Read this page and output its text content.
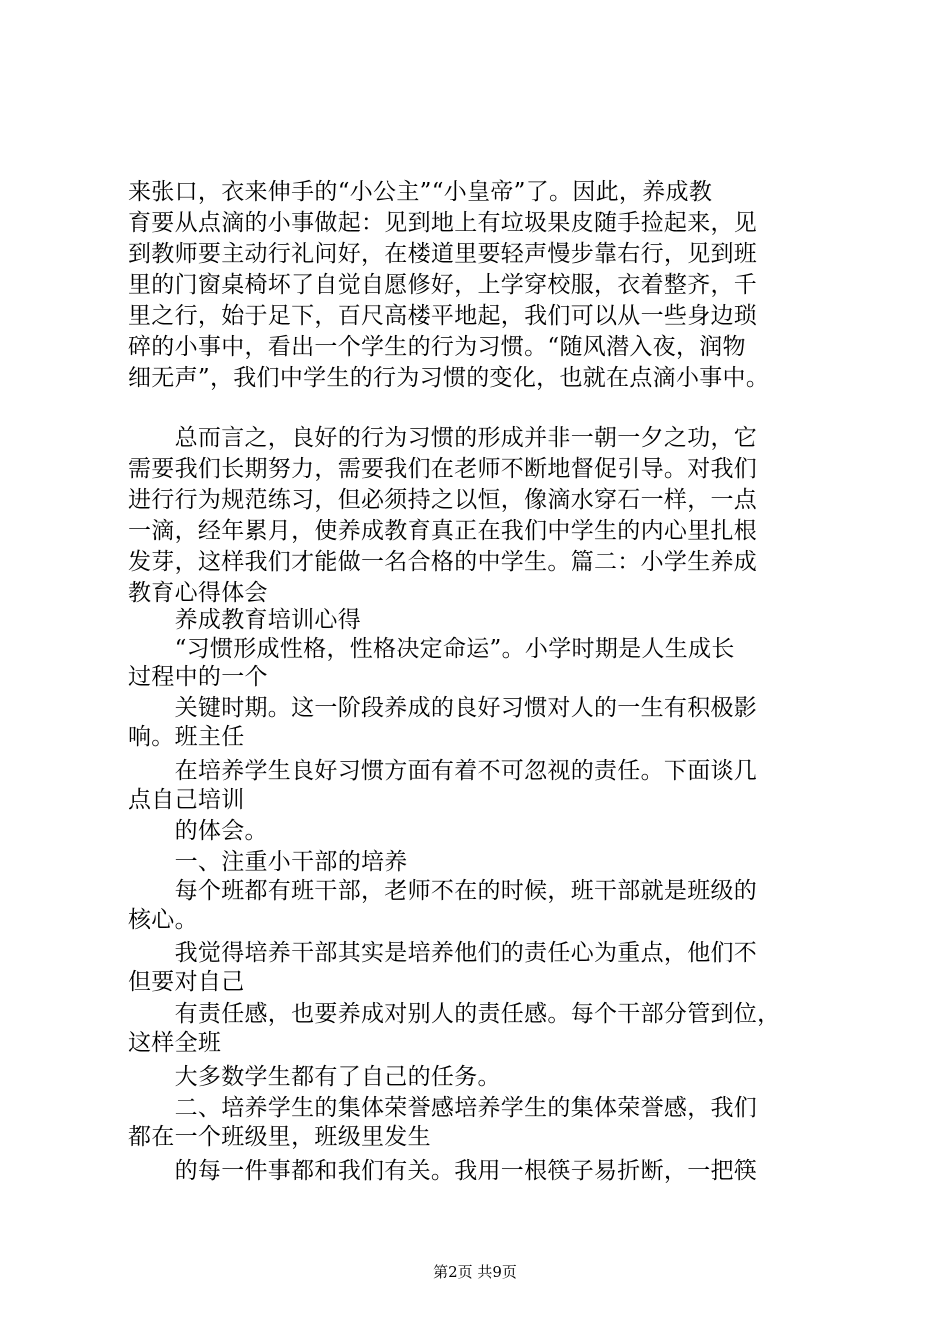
来张口，衣来伸手的“小公主”“小皇帝”了。因此，养成教
育要从点滴的小事做起：见到地上有垃圾果皮随手捡起来，见
到教师要主动行礼问好，在楼道里要轻声慢步靠右行，见到班
里的门窗桌椅坏了自觉自愿修好，上学穿校服，衣着整齐，千
里之行，始于足下，百尺高楼平地起，我们可以从一些身边琐
碎的小事中，看出一个学生的行为习惯。“随风潜入夜，润物
细无声”，我们中学生的行为习惯的变化，也就在点滴小事中。
　　总而言之，良好的行为习惯的形成并非一朝一夕之功，它
需要我们长期努力，需要我们在老师不断地督促引导。对我们
进行行为规范练习，但必须持之以恒，像滴水穿石一样，一点
一滴，经年累月，使养成教育真正在我们中学生的内心里扎根
发芽，这样我们才能做一名合格的中学生。篇二：小学生养成
教育心得体会
　　养成教育培训心得
　　“习惯形成性格，性格决定命运”。小学时期是人生成长
过程中的一个
　　关键时期。这一阶段养成的良好习惯对人的一生有积极影
响。班主任
　　在培养学生良好习惯方面有着不可忽视的责任。下面谈几
点自己培训
　　的体会。
　　一、注重小干部的培养
　　每个班都有班干部，老师不在的时候，班干部就是班级的
核心。
　　我觉得培养干部其实是培养他们的责任心为重点，他们不
但要对自己
　　有责任感，也要养成对别人的责任感。每个干部分管到位，
这样全班
　　大多数学生都有了自己的任务。
　　二、培养学生的集体荣誉感培养学生的集体荣誉感，我们
都在一个班级里，班级里发生
　　的每一件事都和我们有关。我用一根筷子易折断，一把筷
第2页 共9页
